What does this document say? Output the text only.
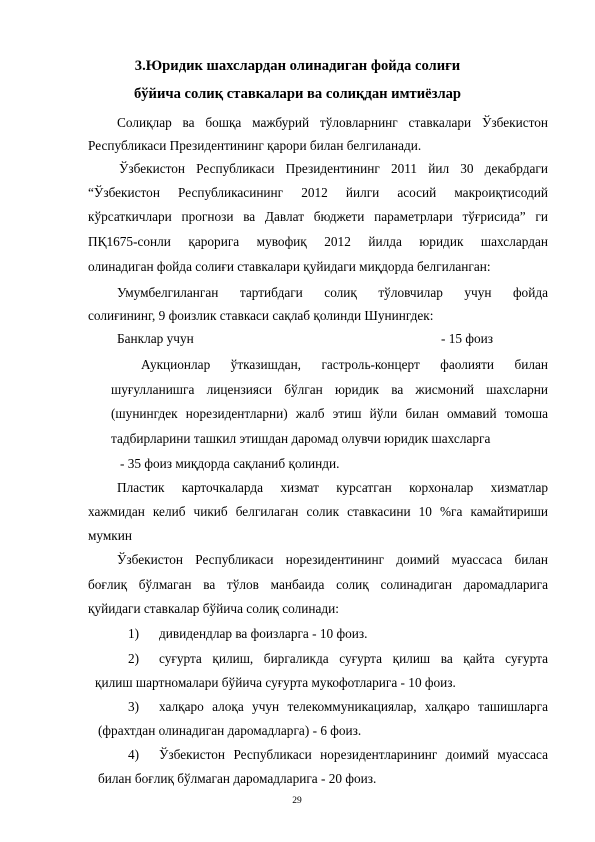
3.Юридик шахслардан олинадиган фойда солиғи
бўйича солиқ ставкалари ва солиқдан имтиёзлар
Солиқлар ва бошқа мажбурий тўловларнинг ставкалари Ўзбекистон
Республикаси Президентининг қарори билан белгиланади.
Ўзбекистон Республикаси Президентининг 2011 йил 30 декабрдаги
“Ўзбекистон Республикасининг 2012 йилги асосий макроиқтисодий
кўрсаткичлари прогнози ва Давлат бюджети параметрлари тўғрисида” ги
ПҚ1675-сонли қарорига мувофиқ 2012 йилда юридик шахслардан
олинадиган фойда солиғи ставкалари қуйидаги миқдорда белгиланган:
Умумбелгиланган тартибдаги солиқ тўловчилар учун фойда
солиғининг, 9 фоизлик ставкаси сақлаб қолинди Шунингдек:
Банклар учун	- 15 фоиз
Аукционлар ўтказишдан, гастроль-концерт фаолияти билан
шуғулланишга лицензияси бўлган юридик ва жисмоний шахсларни
(шунингдек норезидентларни) жалб этиш йўли билан оммавий томоша
тадбирларини ташкил этишдан даромад олувчи юридик шахсларга
- 35 фоиз миқдорда сақланиб қолинди.
Пластик карточкаларда хизмат курсатган корхоналар хизматлар
хажмидан келиб чикиб белгилаган солик ставкасини 10 %га камайтириши
мумкин
Ўзбекистон Республикаси норезидентининг доимий муассаса билан
боғлиқ бўлмаган ва тўлов манбаида солиқ солинадиган даромадларига
қуйидаги ставкалар бўйича солиқ солинади:
1) дивидендлар ва фоизларга - 10 фоиз.
2) суғурта қилиш, биргаликда суғурта қилиш ва қайта суғурта
қилиш шартномалари бўйича суғурта мукофотларига - 10 фоиз.
3) халқаро алоқа учун телекоммуникациялар, халқаро ташишларга
(фрахтдан олинадиган даромадларга) - 6 фоиз.
4) Ўзбекистон Республикаси норезидентларининг доимий муассаса
билан боғлиқ бўлмаган даромадларига - 20 фоиз.
29
